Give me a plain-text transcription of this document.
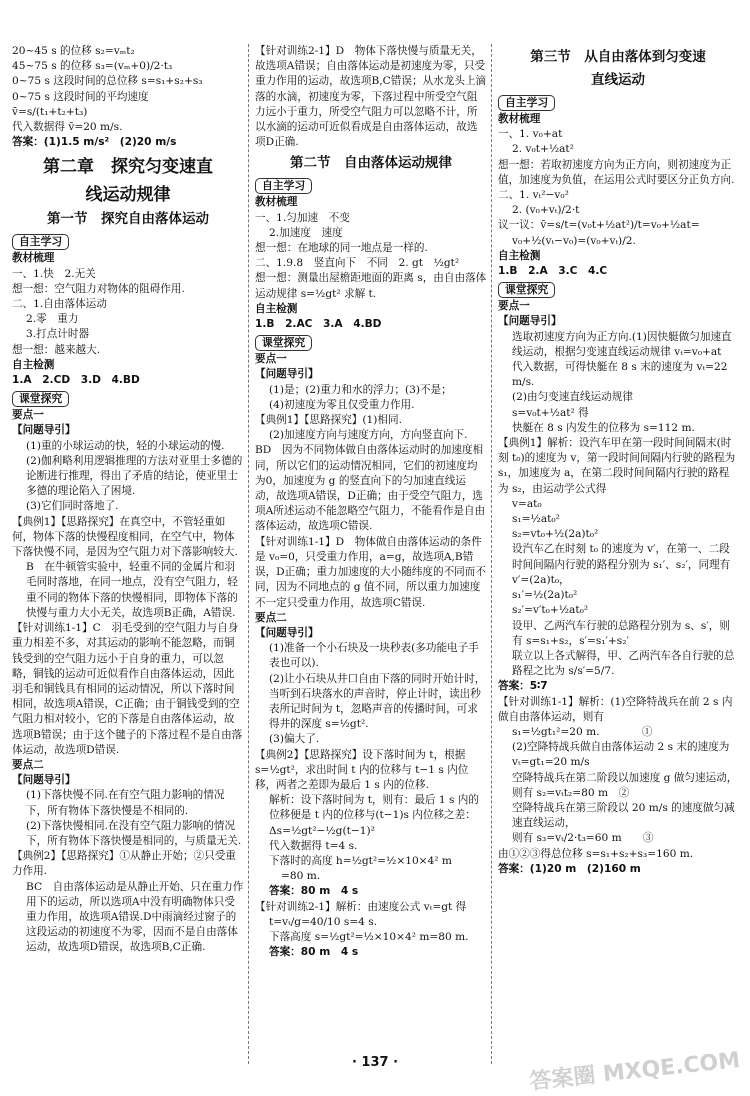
20~45 s 的位移 s₂=vₘt₂
45~75 s 的位移 s₃=(vₘ+0)/2·t₃
0~75 s 这段时间的总位移 s=s₁+s₂+s₃
0~75 s 这段时间的平均速度
v̄=s/(t₁+t₂+t₃)
代入数据得 v̄=20 m/s.
答案：(1)1.5 m/s²　(2)20 m/s
第二章　探究匀变速直
线运动规律
第一节　探究自由落体运动
自主学习
教材梳理
一、1.快　2.无关
想一想：空气阻力对物体的阻碍作用.
二、1.自由落体运动
2.零　重力
3.打点计时器
想一想：越来越大.
自主检测
1.A　2.CD　3.D　4.BD
课堂探究
要点一
【问题导引】
(1)重的小球运动的快，轻的小球运动的慢.
(2)伽利略利用逻辑推理的方法对亚里士多德的论断进行推理，得出了矛盾的结论，使亚里士多德的理论陷入了困境.
(3)它们同时落地了.
【典例1】【思路探究】在真空中，不管轻重如何，物体下落的快慢程度相同，在空气中，物体下落快慢不同，是因为空气阻力对下落影响较大.
B　在牛顿管实验中，轻重不同的金属片和羽毛同时落地，在同一地点，没有空气阻力，轻重不同的物体下落的快慢相同，即物体下落的快慢与重力大小无关，故选项B正确，A错误.
【针对训练1-1】C　羽毛受到的空气阻力与自身重力相差不多，对其运动的影响不能忽略，而铜钱受到的空气阻力远小于自身的重力，可以忽略，铜钱的运动可近似看作自由落体运动，因此羽毛和铜钱具有相同的运动情况，所以下落时间相同，故选项A错误，C正确；由于铜钱受到的空气阻力相对较小，它的下落是自由落体运动，故选项B错误；由于这个毽子的下落过程不是自由落体运动，故选项D错误.
要点二
【问题导引】
(1)下落快慢不同.在有空气阻力影响的情况下，所有物体下落快慢是不相同的.
(2)下落快慢相同.在没有空气阻力影响的情况下，所有物体下落快慢是相同的，与质量无关.
【典例2】【思路探究】①从静止开始；②只受重力作用.
BC　自由落体运动是从静止开始、只在重力作用下的运动，所以选项A中没有明确物体只受重力作用，故选项A错误.D中雨滴经过窗子的这段运动的初速度不为零，因而不是自由落体运动，故选项D错误，故选项B,C正确.
【针对训练2-1】D　物体下落快慢与质量无关，故选项A错误；自由落体运动是初速度为零，只受重力作用的运动，故选项B,C错误；从水龙头上滴落的水滴，初速度为零，下落过程中所受空气阻力远小于重力，所受空气阻力可以忽略不计，所以水滴的运动可近似看成是自由落体运动，故选项D正确.
第二节　自由落体运动规律
自主学习
教材梳理
一、1.匀加速　不变
2.加速度　速度
想一想：在地球的同一地点是一样的.
二、1.9.8　竖直向下　不同　2. gt　½gt²
想一想：测量出屋檐距地面的距离 s，由自由落体运动规律 s=½gt² 求解 t.
自主检测
1.B　2.AC　3.A　4.BD
课堂探究
要点一
【问题导引】
(1)是；(2)重力和水的浮力；(3)不是；
(4)初速度为零且仅受重力作用.
【典例1】【思路探究】(1)相同.
(2)加速度方向与速度方向，方向竖直向下.
BD　因为不同物体做自由落体运动时的加速度相同，所以它们的运动情况相同，它们的初速度均为0，加速度为 g 的竖直向下的匀加速直线运动，故选项A错误，D正确；由于受空气阻力，选项A所述运动不能忽略空气阻力，不能看作是自由落体运动，故选项C错误.
【针对训练1-1】D　物体做自由落体运动的条件是 v₀=0，只受重力作用，a=g，故选项A,B错误，D正确；重力加速度的大小随纬度的不同而不同，因为不同地点的 g 值不同，所以重力加速度不一定只受重力作用，故选项C错误.
要点二
【问题导引】
(1)准备一个小石块及一块秒表(多功能电子手表也可以).
(2)让小石块从井口自由下落的同时开始计时，当听到石块落水的声音时，停止计时，读出秒表所记时间为 t，忽略声音的传播时间，可求得井的深度 s=½gt².
(3)偏大了.
【典例2】【思路探究】设下落时间为 t，根据 s=½gt²，求出时间 t 内的位移与 t−1 s 内位移，两者之差即为最后 1 s 内的位移.
解析：设下落时间为 t，则有：最后 1 s 内的位移便是 t 内的位移与(t−1)s 内位移之差：
Δs=½gt²−½g(t−1)²
代入数据得 t=4 s.
下落时的高度 h=½gt²=½×10×4² m
=80 m.
答案：80 m　4 s
【针对训练2-1】解析：由速度公式 vₜ=gt 得
t=vₜ/g=40/10 s=4 s.
下落高度 s=½gt²=½×10×4² m=80 m.
答案：80 m　4 s
第三节　从自由落体到匀变速
直线运动
自主学习
教材梳理
一、1. v₀+at
2. v₀t+½at²
想一想：若取初速度方向为正方向，则初速度为正值，加速度为负值，在运用公式时要区分正负方向.
二、1. vₜ²−v₀²
2. (v₀+vₜ)/2·t
议一议：v̄=s/t=(v₀t+½at²)/t=v₀+½at=
v₀+½(vₜ−v₀)=(v₀+vₜ)/2.
自主检测
1.B　2.A　3.C　4.C
课堂探究
要点一
【问题导引】
选取初速度方向为正方向.(1)因快艇做匀加速直线运动，根据匀变速直线运动规律 vₜ=v₀+at
代入数据，可得快艇在 8 s 末的速度为 vₜ=22 m/s.
(2)由匀变速直线运动规律
s=v₀t+½at² 得
快艇在 8 s 内发生的位移为 s=112 m.
【典例1】解析：设汽车甲在第一段时间间隔末(时刻 t₀)的速度为 v，第一段时间间隔内行驶的路程为 s₁，加速度为 a，在第二段时间间隔内行驶的路程为 s₂，由运动学公式得
v=at₀
s₁=½at₀²
s₂=vt₀+½(2a)t₀²
设汽车乙在时刻 t₀ 的速度为 v′，在第一、二段时间间隔内行驶的路程分别为 s₁′、s₂′，同理有 v′=(2a)t₀，
s₁′=½(2a)t₀²
s₂′=v′t₀+½at₀²
设甲、乙两汽车行驶的总路程分别为 s、s′，则有 s=s₁+s₂，s′=s₁′+s₂′
联立以上各式解得，甲、乙两汽车各自行驶的总路程之比为 s/s′=5/7.
答案：5∶7
【针对训练1-1】解析：(1)空降特战兵在前 2 s 内做自由落体运动，则有
s₁=½gt₁²=20 m.　　　　①
(2)空降特战兵做自由落体运动 2 s 末的速度为
vₜ=gt₁=20 m/s
空降特战兵在第二阶段以加速度 g 做匀速运动，则有 s₂=vₜt₂=80 m　②
空降特战兵在第三阶段以 20 m/s 的速度做匀减速直线运动，
则有 s₃=vₜ/2·t₃=60 m　　③
由①②③得总位移 s=s₁+s₂+s₃=160 m.
答案：(1)20 m　(2)160 m
· 137 ·	答案圈 MXQE.COM
